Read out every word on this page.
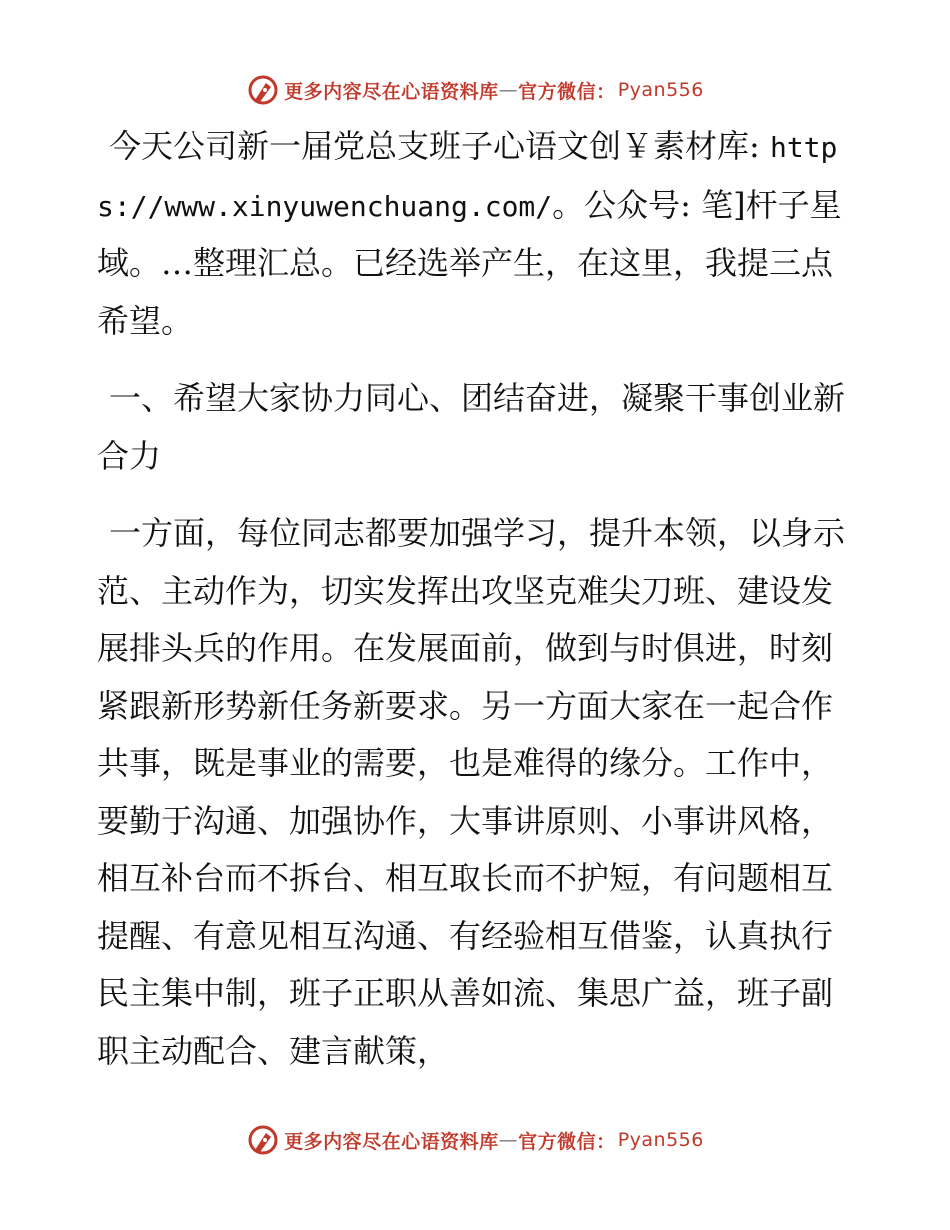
更多内容尽在心语资料库 — 官方微信： Pyan556

今天公司新一届党总支班子心语文创￥素材库: https://www.xinyuwenchuang.com/。公众号: 笔]杆子星域。…整理汇总。已经选举产生，在这里，我提三点希望。

一、希望大家协力同心、团结奋进，凝聚干事创业新合力

一方面，每位同志都要加强学习，提升本领，以身示范、主动作为，切实发挥出攻坚克难尖刀班、建设发展排头兵的作用。在发展面前，做到与时俱进，时刻紧跟新形势新任务新要求。另一方面大家在一起合作共事，既是事业的需要，也是难得的缘分。工作中，要勤于沟通、加强协作，大事讲原则、小事讲风格，相互补台而不拆台、相互取长而不护短，有问题相互提醒、有意见相互沟通、有经验相互借鉴，认真执行民主集中制，班子正职从善如流、集思广益，班子副职主动配合、建言献策，

更多内容尽在心语资料库 — 官方微信： Pyan556
